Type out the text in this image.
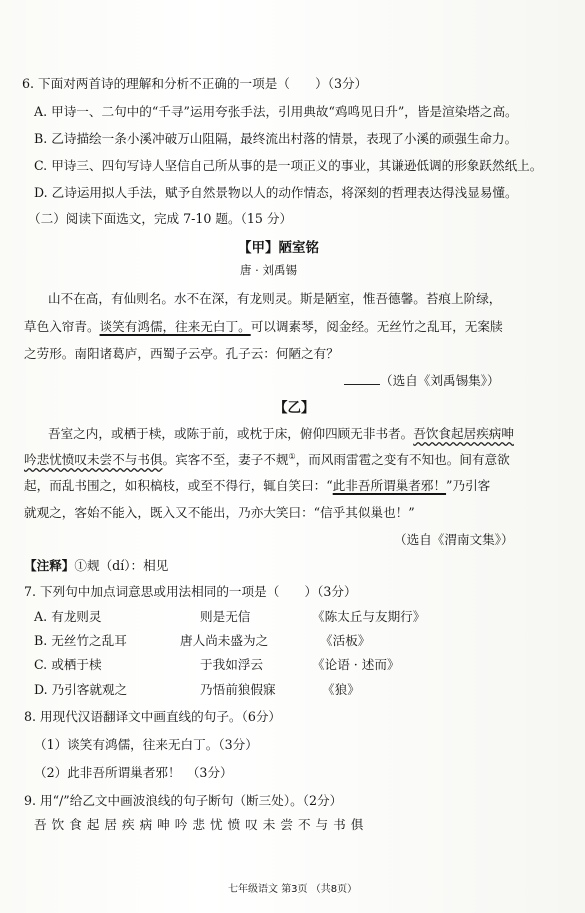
6. 下面对两首诗的理解和分析不正确的一项是（　　）（3分）
A. 甲诗一、二句中的“千寻”运用夸张手法，引用典故“鸡鸣见日升”，皆是渲染塔之高。
B. 乙诗描绘一条小溪冲破万山阻隔，最终流出村落的情景，表现了小溪的顽强生命力。
C. 甲诗三、四句写诗人坚信自己所从事的是一项正义的事业，其谦逊低调的形象跃然纸上。
D. 乙诗运用拟人手法，赋予自然景物以人的动作情态，将深刻的哲理表达得浅显易懂。
（二）阅读下面选文，完成 7-10 题。（15 分）
【甲】陋室铭
唐 · 刘禹锡
山不在高，有仙则名。水不在深，有龙则灵。斯是陋室，惟吾德馨。苔痕上阶绿，
草色入帘青。谈笑有鸿儒，往来无白丁。可以调素琴，阅金经。无丝竹之乱耳，无案牍
之劳形。南阳诸葛庐，西蜀子云亭。孔子云：何陋之有？
（选自《刘禹锡集》）
【乙】
吾室之内，或栖于椟，或陈于前，或枕于床，俯仰四顾无非书者。吾饮食起居疾病呻
吟悲忧愤叹未尝不与书俱。宾客不至，妻子不觌①，而风雨雷雹之变有不知也。间有意欲
起，而乱书围之，如积槁枝，或至不得行，辄自笑曰：“此非吾所谓巢者邪！”乃引客
就观之，客始不能入，既入又不能出，乃亦大笑曰：“信乎其似巢也！”
（选自《渭南文集》）
【注释】①觌（dí）：相见
7. 下列句中加点词意思或用法相同的一项是（　　）（3分）
A. 有龙则灵	则是无信	《陈太丘与友期行》
B. 无丝竹之乱耳	唐人尚未盛为之	《活板》
C. 或栖于椟	于我如浮云	《论语 · 述而》
D. 乃引客就观之	乃悟前狼假寐	《狼》
8. 用现代汉语翻译文中画直线的句子。（6分）
（1）谈笑有鸿儒，往来无白丁。（3分）
（2）此非吾所谓巢者邪！　（3分）
9. 用“/”给乙文中画波浪线的句子断句（断三处）。（2分）
吾 饮 食 起 居 疾 病 呻 吟 悲 忧 愤 叹 未 尝 不 与 书 俱
七年级语文 第3页 （共8页）
